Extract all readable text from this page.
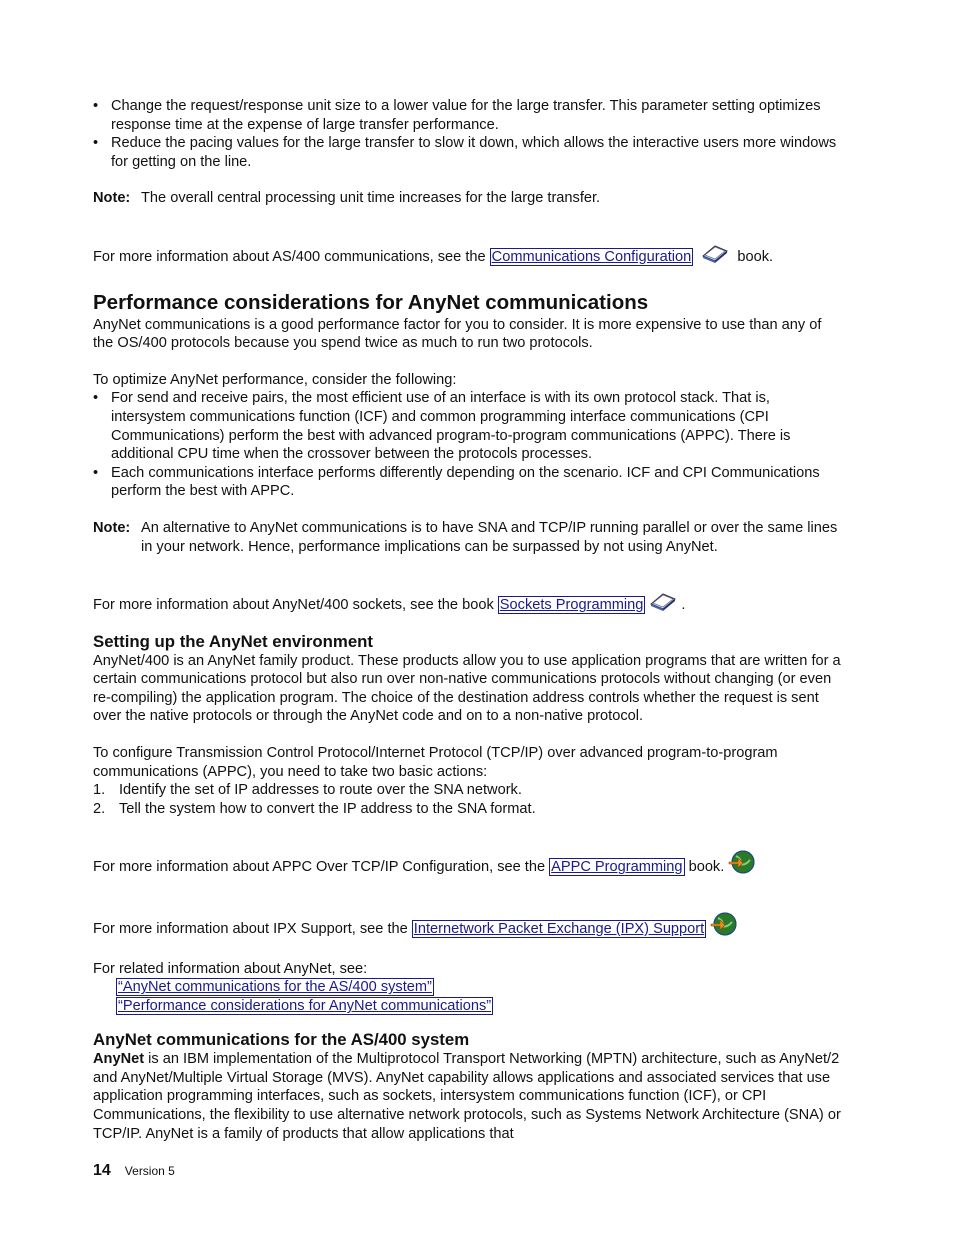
• Change the request/response unit size to a lower value for the large transfer. This parameter setting optimizes response time at the expense of large transfer performance.
• Reduce the pacing values for the large transfer to slow it down, which allows the interactive users more windows for getting on the line.
Note: The overall central processing unit time increases for the large transfer.

For more information about AS/400 communications, see the Communications Configuration	book.

Performance considerations for AnyNet communications

AnyNet communications is a good performance factor for you to consider. It is more expensive to use than any of the OS/400 protocols because you spend twice as much to run two protocols.

To optimize AnyNet performance, consider the following:

• For send and receive pairs, the most efficient use of an interface is with its own protocol stack. That is, intersystem communications function (ICF) and common programming interface communications (CPI Communications) perform the best with advanced program-to-program communications (APPC). There is additional CPU time when the crossover between the protocols processes.
• Each communications interface performs differently depending on the scenario. ICF and CPI Communications perform the best with APPC.
Note: An alternative to AnyNet communications is to have SNA and TCP/IP running parallel or over the same lines in your network. Hence, performance implications can be surpassed by not using AnyNet.

For more information about AnyNet/400 sockets, see the book Sockets Programming	.

Setting up the AnyNet environment

AnyNet/400 is an AnyNet family product. These products allow you to use application programs that are written for a certain communications protocol but also run over non-native communications protocols without changing (or even re-compiling) the application program. The choice of the destination address controls whether the request is sent over the native protocols or through the AnyNet code and on to a non-native protocol.

To configure Transmission Control Protocol/Internet Protocol (TCP/IP) over advanced program-to-program communications (APPC), you need to take two basic actions:

1. Identify the set of IP addresses to route over the SNA network.
2. Tell the system how to convert the IP address to the SNA format.

For more information about APPC Over TCP/IP Configuration, see the APPC Programming book.

For more information about IPX Support, see the Internetwork Packet Exchange (IPX) Support

For related information about AnyNet, see:

“AnyNet communications for the AS/400 system”
“Performance considerations for AnyNet communications”
AnyNet communications for the AS/400 system

AnyNet is an IBM implementation of the Multiprotocol Transport Networking (MPTN) architecture, such as AnyNet/2 and AnyNet/Multiple Virtual Storage (MVS). AnyNet capability allows applications and associated services that use application programming interfaces, such as sockets, intersystem communications function (ICF), or CPI Communications, the flexibility to use alternative network protocols, such as Systems Network Architecture (SNA) or TCP/IP. AnyNet is a family of products that allow applications that

14 Version 5
